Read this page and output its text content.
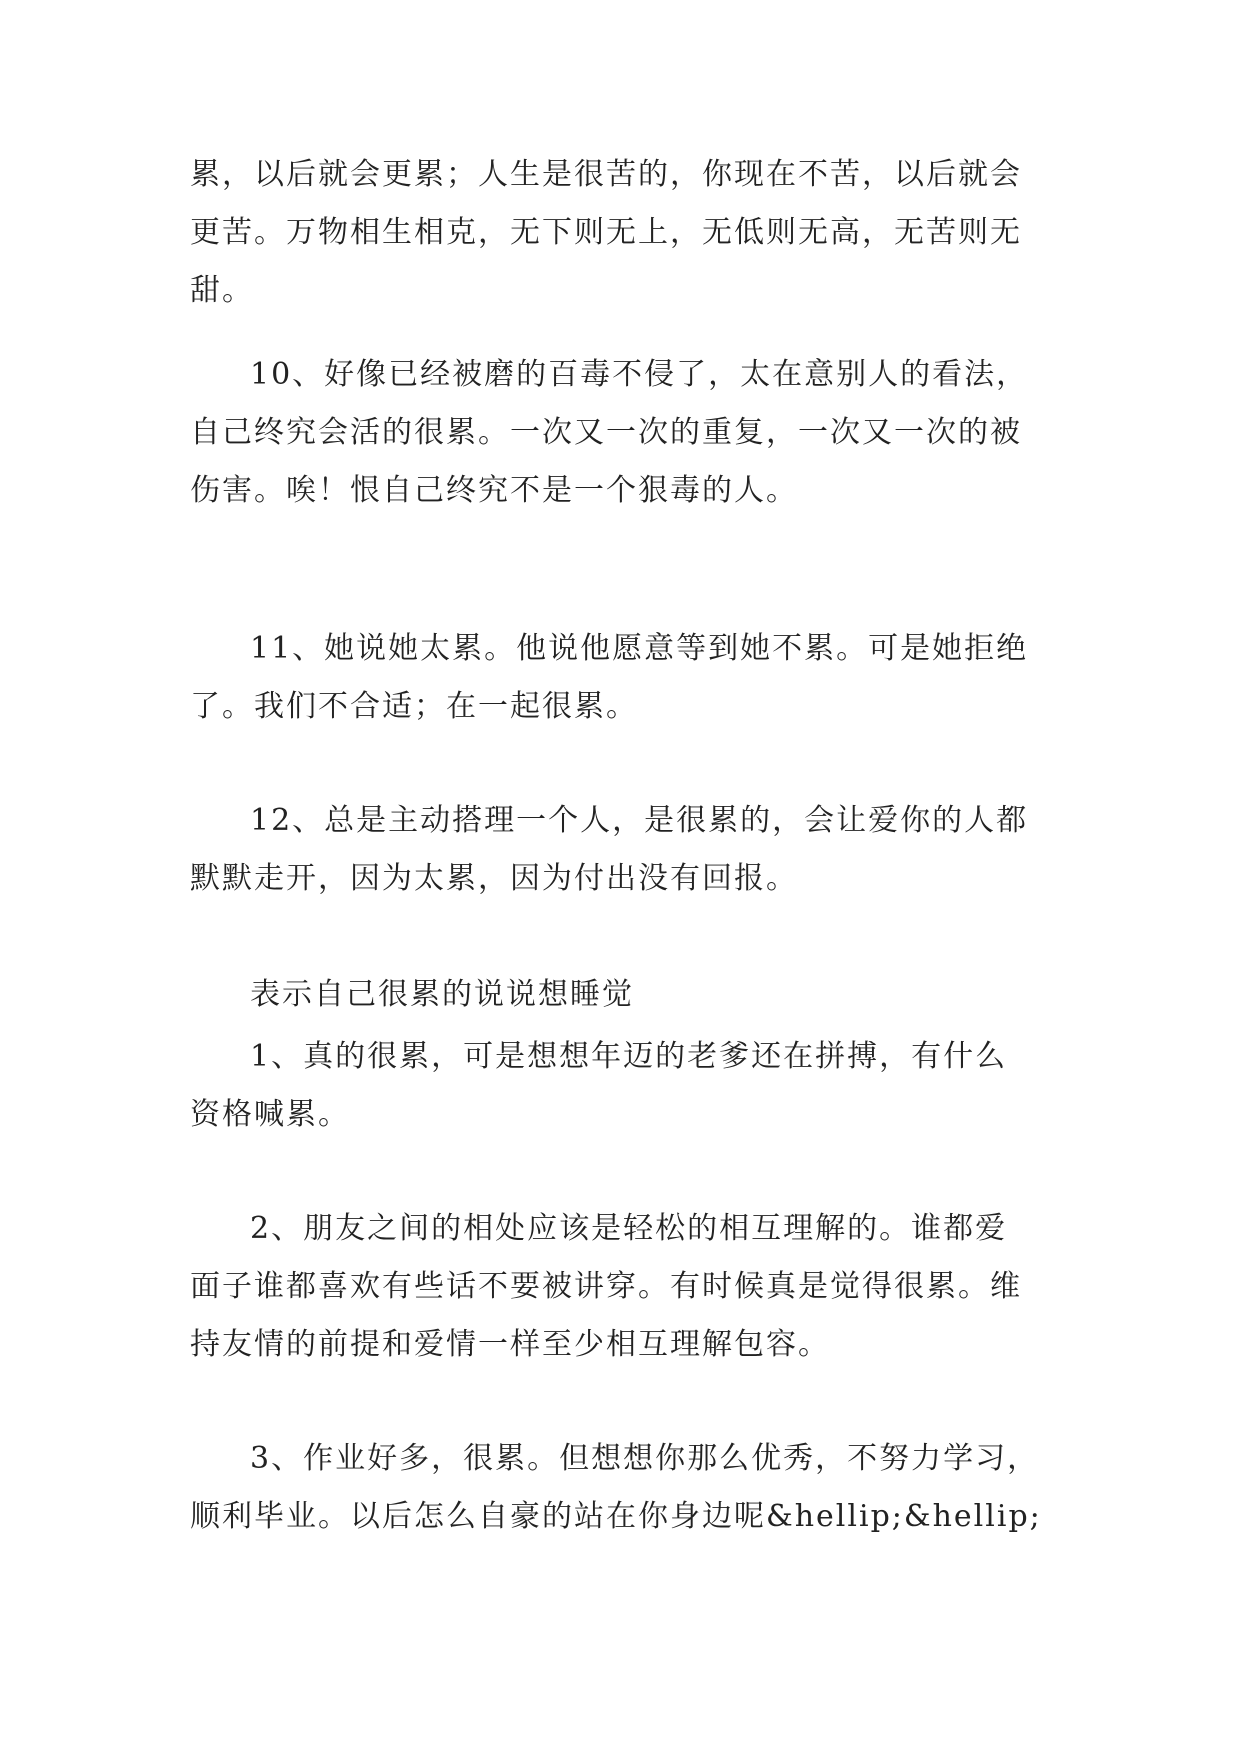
累，以后就会更累；人生是很苦的，你现在不苦，以后就会
更苦。万物相生相克，无下则无上，无低则无高，无苦则无
甜。
10、好像已经被磨的百毒不侵了，太在意别人的看法，
自己终究会活的很累。一次又一次的重复，一次又一次的被
伤害。唉！恨自己终究不是一个狠毒的人。
11、她说她太累。他说他愿意等到她不累。可是她拒绝
了。我们不合适；在一起很累。
12、总是主动搭理一个人，是很累的，会让爱你的人都
默默走开，因为太累，因为付出没有回报。
表示自己很累的说说想睡觉
1、真的很累，可是想想年迈的老爹还在拼搏，有什么
资格喊累。
2、朋友之间的相处应该是轻松的相互理解的。谁都爱
面子谁都喜欢有些话不要被讲穿。有时候真是觉得很累。维
持友情的前提和爱情一样至少相互理解包容。
3、作业好多，很累。但想想你那么优秀，不努力学习，
顺利毕业。以后怎么自豪的站在你身边呢&hellip;&hellip;
